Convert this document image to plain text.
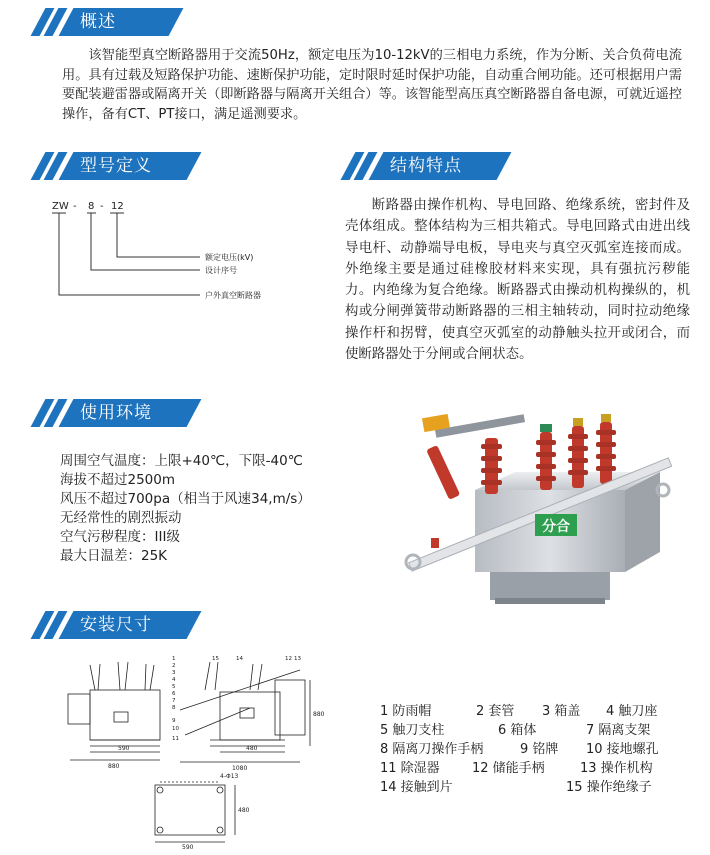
概述

该智能型真空断路器用于交流50Hz，额定电压为10-12kV的三相电力系统，作为分断、关合负荷电流用。具有过载及短路保护功能、速断保护功能，定时限时延时保护功能，自动重合闸功能。还可根据用户需要配装避雷器或隔离开关（即断路器与隔离开关组合）等。该智能型高压真空断路器自备电源，可就近遥控操作，备有CT、PT接口，满足遥测要求。

型号定义
ZW - 8 - 12
额定电压(kV)
设计序号
户外真空断路器
结构特点

断路器由操作机构、导电回路、绝缘系统，密封件及壳体组成。整体结构为三相共箱式。导电回路式由进出线导电杆、动静端导电板，导电夹与真空灭弧室连接而成。外绝缘主要是通过硅橡胶材料来实现，具有强抗污秽能力。内绝缘为复合绝缘。断路器式由操动机构操纵的，机构或分闸弹簧带动断路器的三相主轴转动，同时拉动绝缘操作杆和拐臂，使真空灭弧室的动静触头拉开或闭合，而使断路器处于分闸或合闸状态。

使用环境
周围空气温度：上限+40℃，下限-40℃
海拔不超过2500m
风压不超过700pa（相当于风速34,m/s）
无经常性的剧烈振动
空气污秽程度：III级
最大日温差：25K
分合
安装尺寸
590
880
480
1080
880
4-Φ13
590
480
1
2
3
4
5
6
7
8
9
10
11
12 13
14
15
1 防雨帽	2 套管	3 箱盖	4 触刀座
5 触刀支柱	6 箱体	7 隔离支架
8 隔离刀操作手柄	9 铭牌	10 接地螺孔
11 除湿器	12 储能手柄	13 操作机构
14 接触到片	15 操作绝缘子
